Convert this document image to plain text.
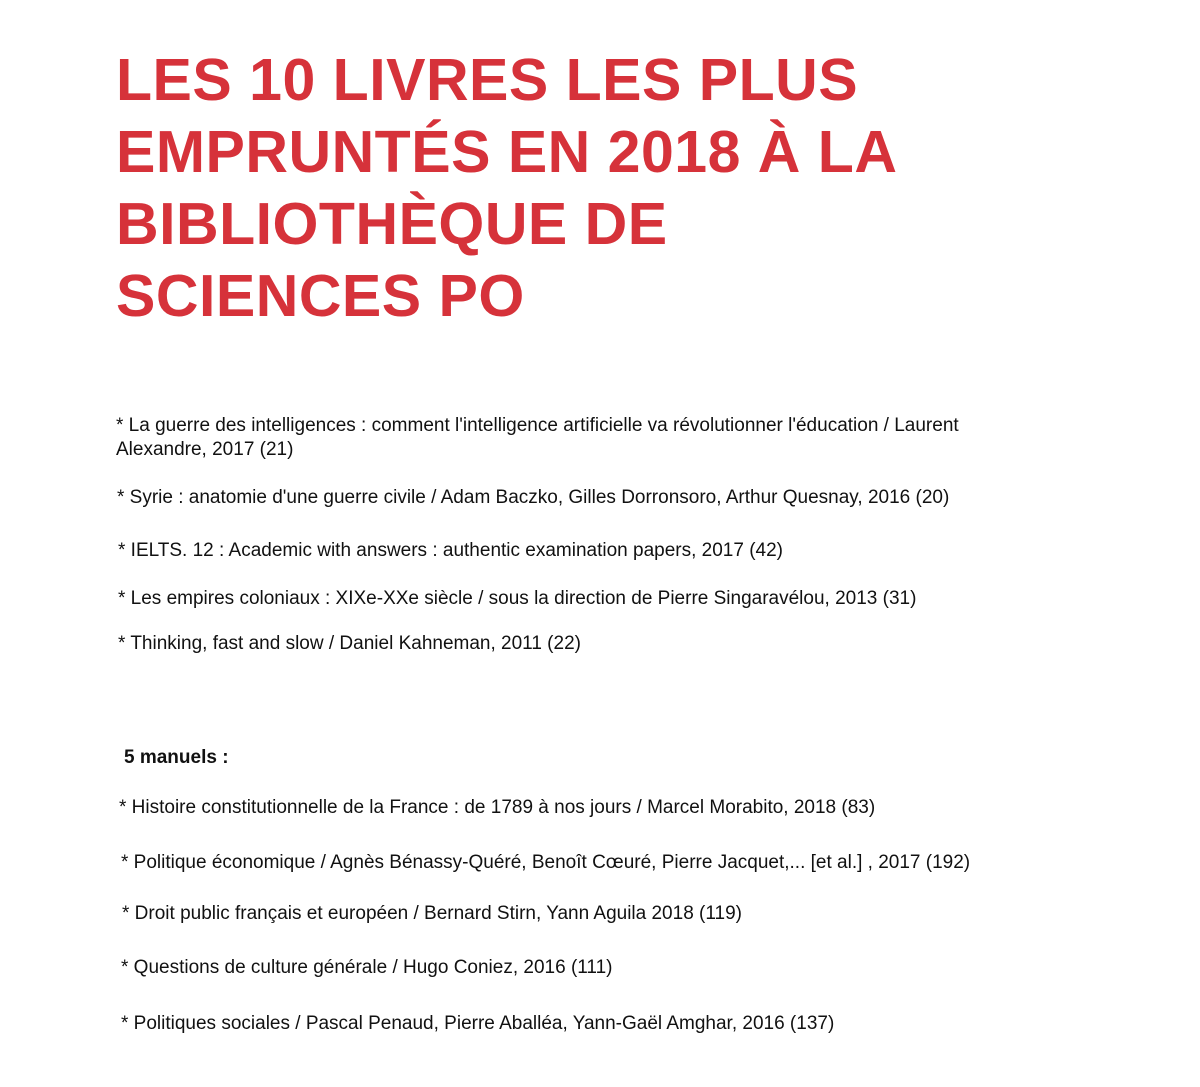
LES 10 LIVRES LES PLUS
EMPRUNTÉS EN 2018 À LA
BIBLIOTHÈQUE DE
SCIENCES PO

* La guerre des intelligences : comment l'intelligence artificielle va révolutionner l'éducation / Laurent

Alexandre, 2017 (21)

* Syrie : anatomie d'une guerre civile / Adam Baczko, Gilles Dorronsoro, Arthur Quesnay, 2016 (20)

* IELTS. 12 : Academic with answers : authentic examination papers, 2017 (42)

* Les empires coloniaux : XIXe-XXe siècle / sous la direction de Pierre Singaravélou, 2013 (31)

* Thinking, fast and slow / Daniel Kahneman, 2011 (22)

5 manuels :

* Histoire constitutionnelle de la France : de 1789 à nos jours / Marcel Morabito, 2018 (83)

* Politique économique / Agnès Bénassy-Quéré, Benoît Cœuré, Pierre Jacquet,... [et al.] , 2017 (192)

* Droit public français et européen / Bernard Stirn, Yann Aguila 2018 (119)

* Questions de culture générale / Hugo Coniez, 2016 (111)

* Politiques sociales / Pascal Penaud, Pierre Aballéa, Yann-Gaël Amghar, 2016 (137)
